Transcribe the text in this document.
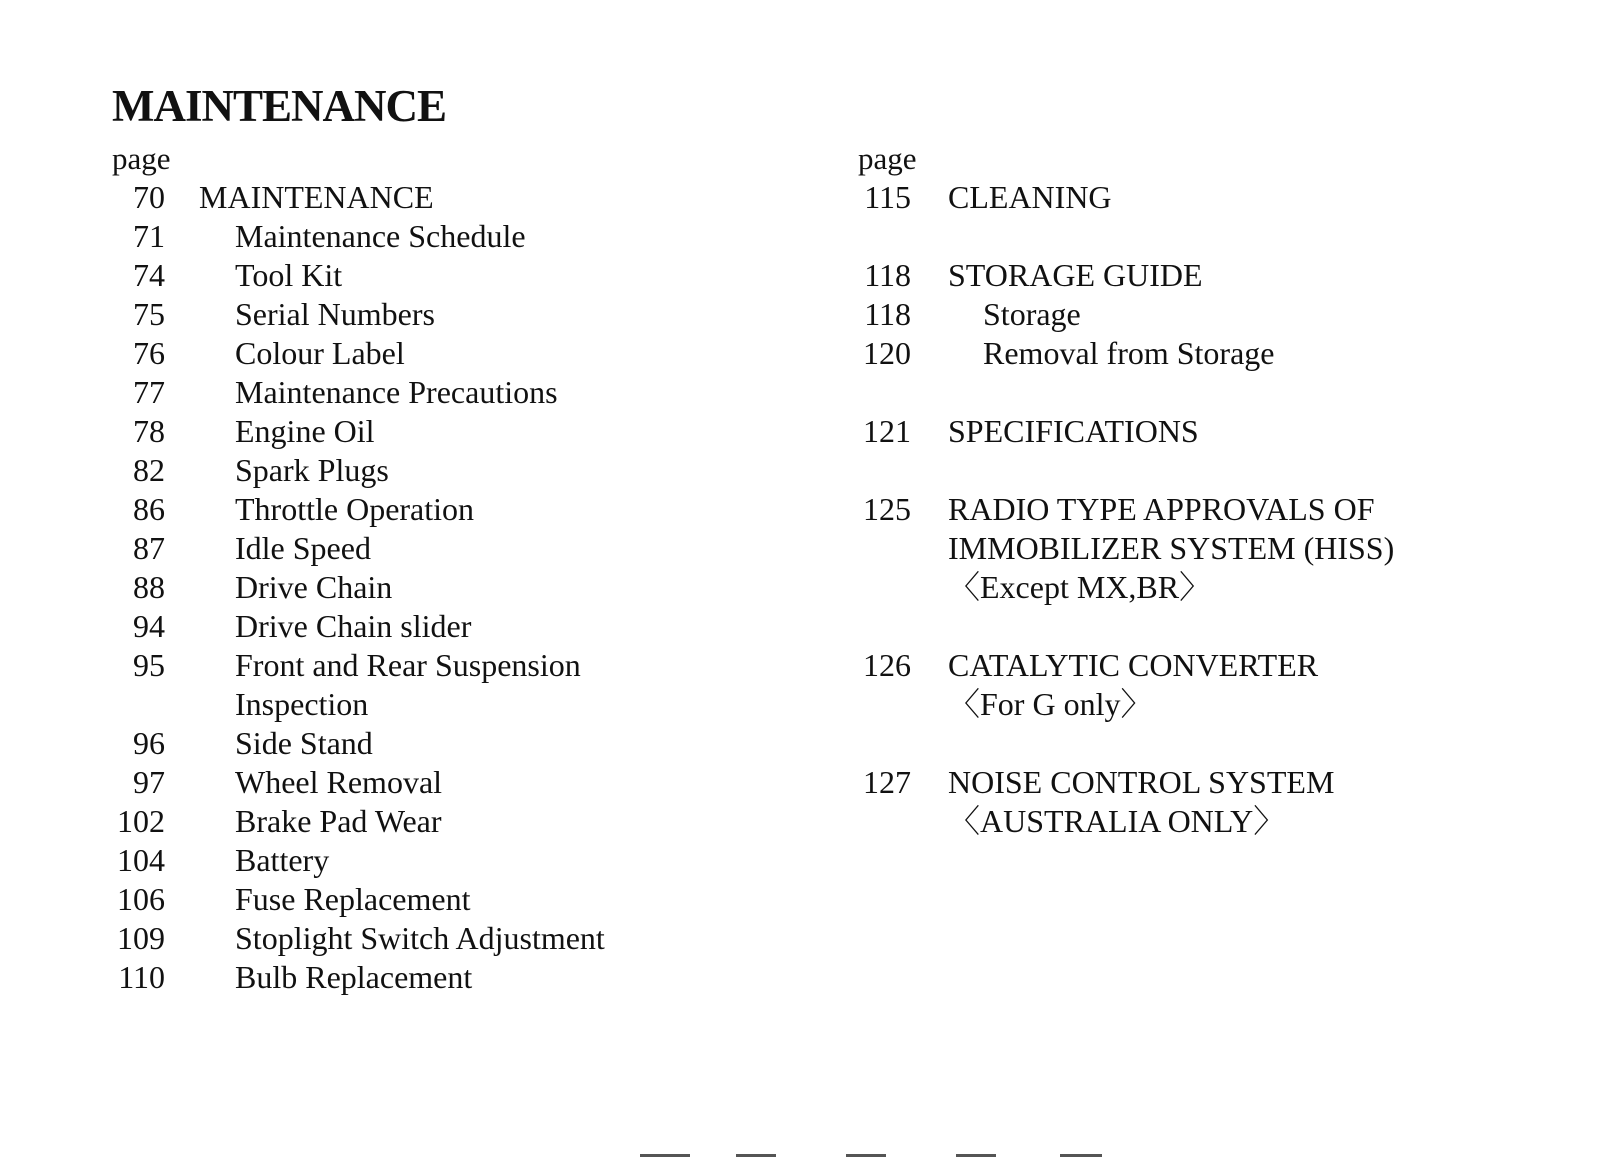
MAINTENANCE
page
70 MAINTENANCE
71 Maintenance Schedule
74 Tool Kit
75 Serial Numbers
76 Colour Label
77 Maintenance Precautions
78 Engine Oil
82 Spark Plugs
86 Throttle Operation
87 Idle Speed
88 Drive Chain
94 Drive Chain slider
95 Front and Rear Suspension
Inspection
96 Side Stand
97 Wheel Removal
102 Brake Pad Wear
104 Battery
106 Fuse Replacement
109 Stoplight Switch Adjustment
110 Bulb Replacement
page
115 CLEANING
118 STORAGE GUIDE
118 Storage
120 Removal from Storage
121 SPECIFICATIONS
125 RADIO TYPE APPROVALS OF
IMMOBILIZER SYSTEM (HISS)
〈Except MX,BR〉
126 CATALYTIC CONVERTER
〈For G only〉
127 NOISE CONTROL SYSTEM
〈AUSTRALIA ONLY〉
